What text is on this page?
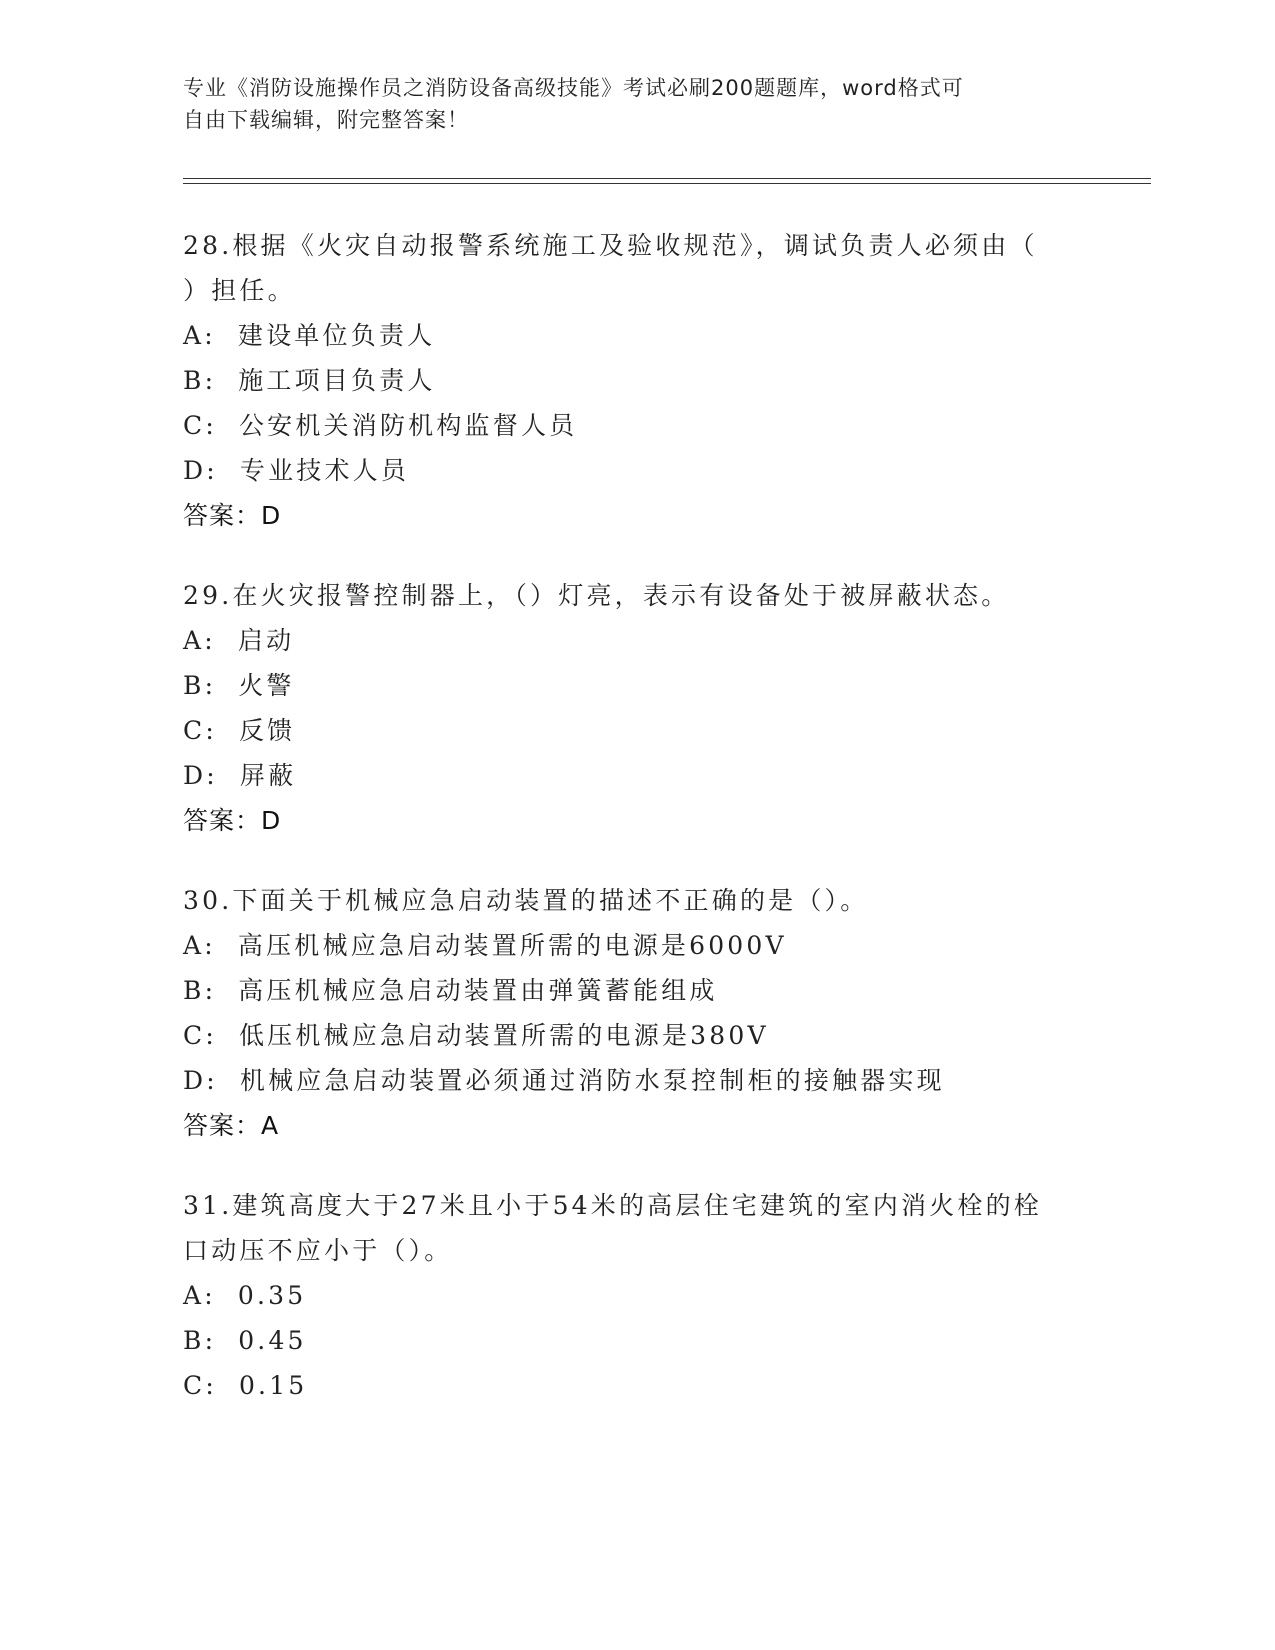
专业《消防设施操作员之消防设备高级技能》考试必刷200题题库，word格式可
自由下载编辑，附完整答案！
28.根据《火灾自动报警系统施工及验收规范》，调试负责人必须由（
）担任。
A: 建设单位负责人
B: 施工项目负责人
C: 公安机关消防机构监督人员
D: 专业技术人员
答案：D
29.在火灾报警控制器上，（）灯亮，表示有设备处于被屏蔽状态。
A: 启动
B: 火警
C: 反馈
D: 屏蔽
答案：D
30.下面关于机械应急启动装置的描述不正确的是（）。
A: 高压机械应急启动装置所需的电源是6000V
B: 高压机械应急启动装置由弹簧蓄能组成
C: 低压机械应急启动装置所需的电源是380V
D: 机械应急启动装置必须通过消防水泵控制柜的接触器实现
答案：A
31.建筑高度大于27米且小于54米的高层住宅建筑的室内消火栓的栓
口动压不应小于（）。
A: 0.35
B: 0.45
C: 0.15
